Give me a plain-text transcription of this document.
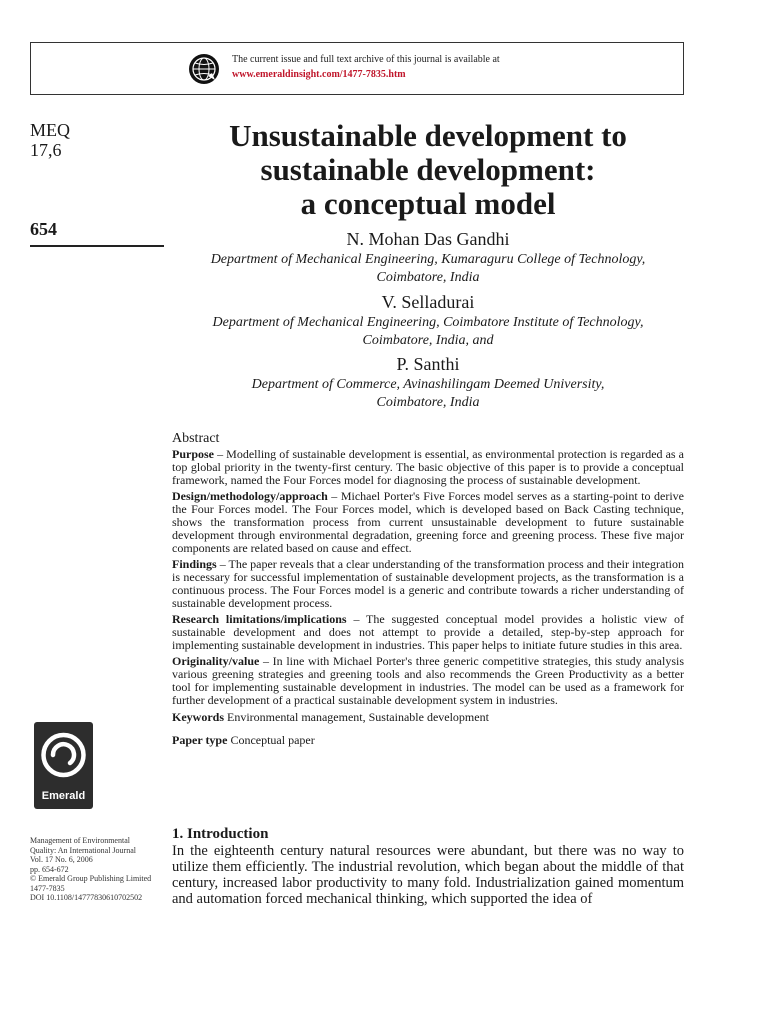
The current issue and full text archive of this journal is available at
www.emeraldinsight.com/1477-7835.htm
MEQ
17,6
654
Unsustainable development to
sustainable development:
a conceptual model
N. Mohan Das Gandhi
Department of Mechanical Engineering, Kumaraguru College of Technology,
Coimbatore, India
V. Selladurai
Department of Mechanical Engineering, Coimbatore Institute of Technology,
Coimbatore, India, and
P. Santhi
Department of Commerce, Avinashilingam Deemed University,
Coimbatore, India
Abstract
Purpose – Modelling of sustainable development is essential, as environmental protection is regarded as a top global priority in the twenty-first century. The basic objective of this paper is to provide a conceptual framework, named the Four Forces model for diagnosing the process of sustainable development.
Design/methodology/approach – Michael Porter's Five Forces model serves as a starting-point to derive the Four Forces model. The Four Forces model, which is developed based on Back Casting technique, shows the transformation process from current unsustainable development to future sustainable development through environmental degradation, greening force and greening process. These five major components are related based on cause and effect.
Findings – The paper reveals that a clear understanding of the transformation process and their integration is necessary for successful implementation of sustainable development projects, as the transformation is a continuous process. The Four Forces model is a generic and contribute towards a richer understanding of sustainable development process.
Research limitations/implications – The suggested conceptual model provides a holistic view of sustainable development and does not attempt to provide a detailed, step-by-step approach for implementing sustainable development in industries. This paper helps to initiate future studies in this area.
Originality/value – In line with Michael Porter's three generic competitive strategies, this study analysis various greening strategies and greening tools and also recommends the Green Productivity as a better tool for implementing sustainable development in industries. The model can be used as a framework for further development of a practical sustainable development system in industries.
Keywords Environmental management, Sustainable development
Paper type Conceptual paper
Emerald
Management of Environmental
Quality: An International Journal
Vol. 17 No. 6, 2006
pp. 654-672
© Emerald Group Publishing Limited
1477-7835
DOI 10.1108/14777830610702502
1. Introduction
In the eighteenth century natural resources were abundant, but there was no way to utilize them efficiently. The industrial revolution, which began about the middle of that century, increased labor productivity to many fold. Industrialization gained momentum and automation forced mechanical thinking, which supported the idea of
